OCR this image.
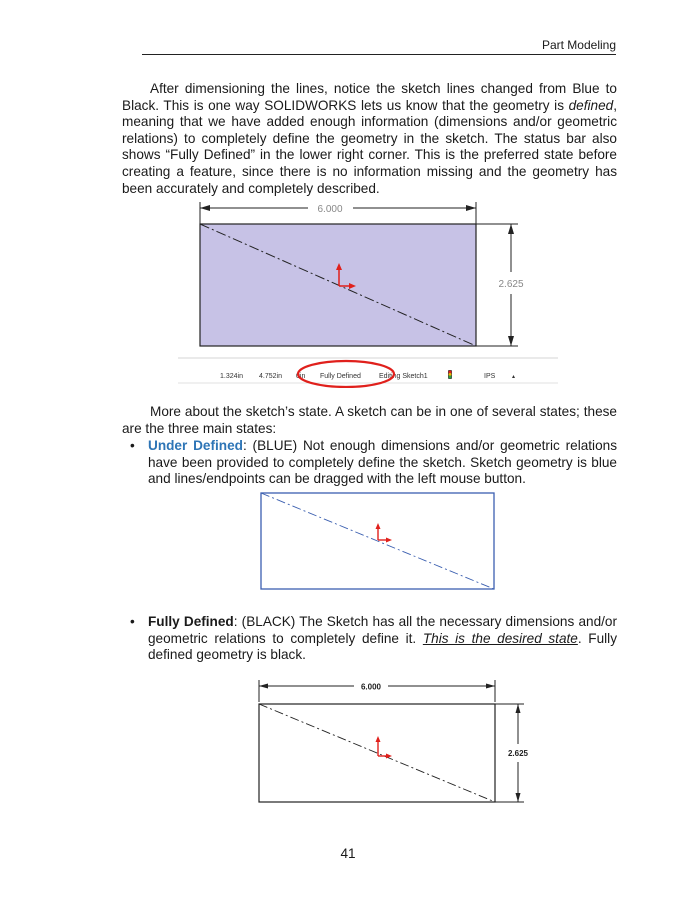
Part Modeling

After dimensioning the lines, notice the sketch lines changed from Blue to Black. This is one way SOLIDWORKS lets us know that the geometry is defined, meaning that we have added enough information (dimensions and/or geometric relations) to completely define the geometry in the sketch. The status bar also shows “Fully Defined” in the lower right corner. This is the preferred state before creating a feature, since there is no information missing and the geometry has been accurately and completely described.

6.000
2.625
1.324in 4.752in 0in Fully Defined	Editing Sketch1	IPS	▴

More about the sketch’s state. A sketch can be in one of several states; these are the three main states:

• Under Defined: (BLUE) Not enough dimensions and/or geometric relations have been provided to completely define the sketch. Sketch geometry is blue and lines/endpoints can be dragged with the left mouse button.

• Fully Defined: (BLACK) The Sketch has all the necessary dimensions and/or geometric relations to completely define it. This is the desired state. Fully defined geometry is black.

6.000
2.625
41
